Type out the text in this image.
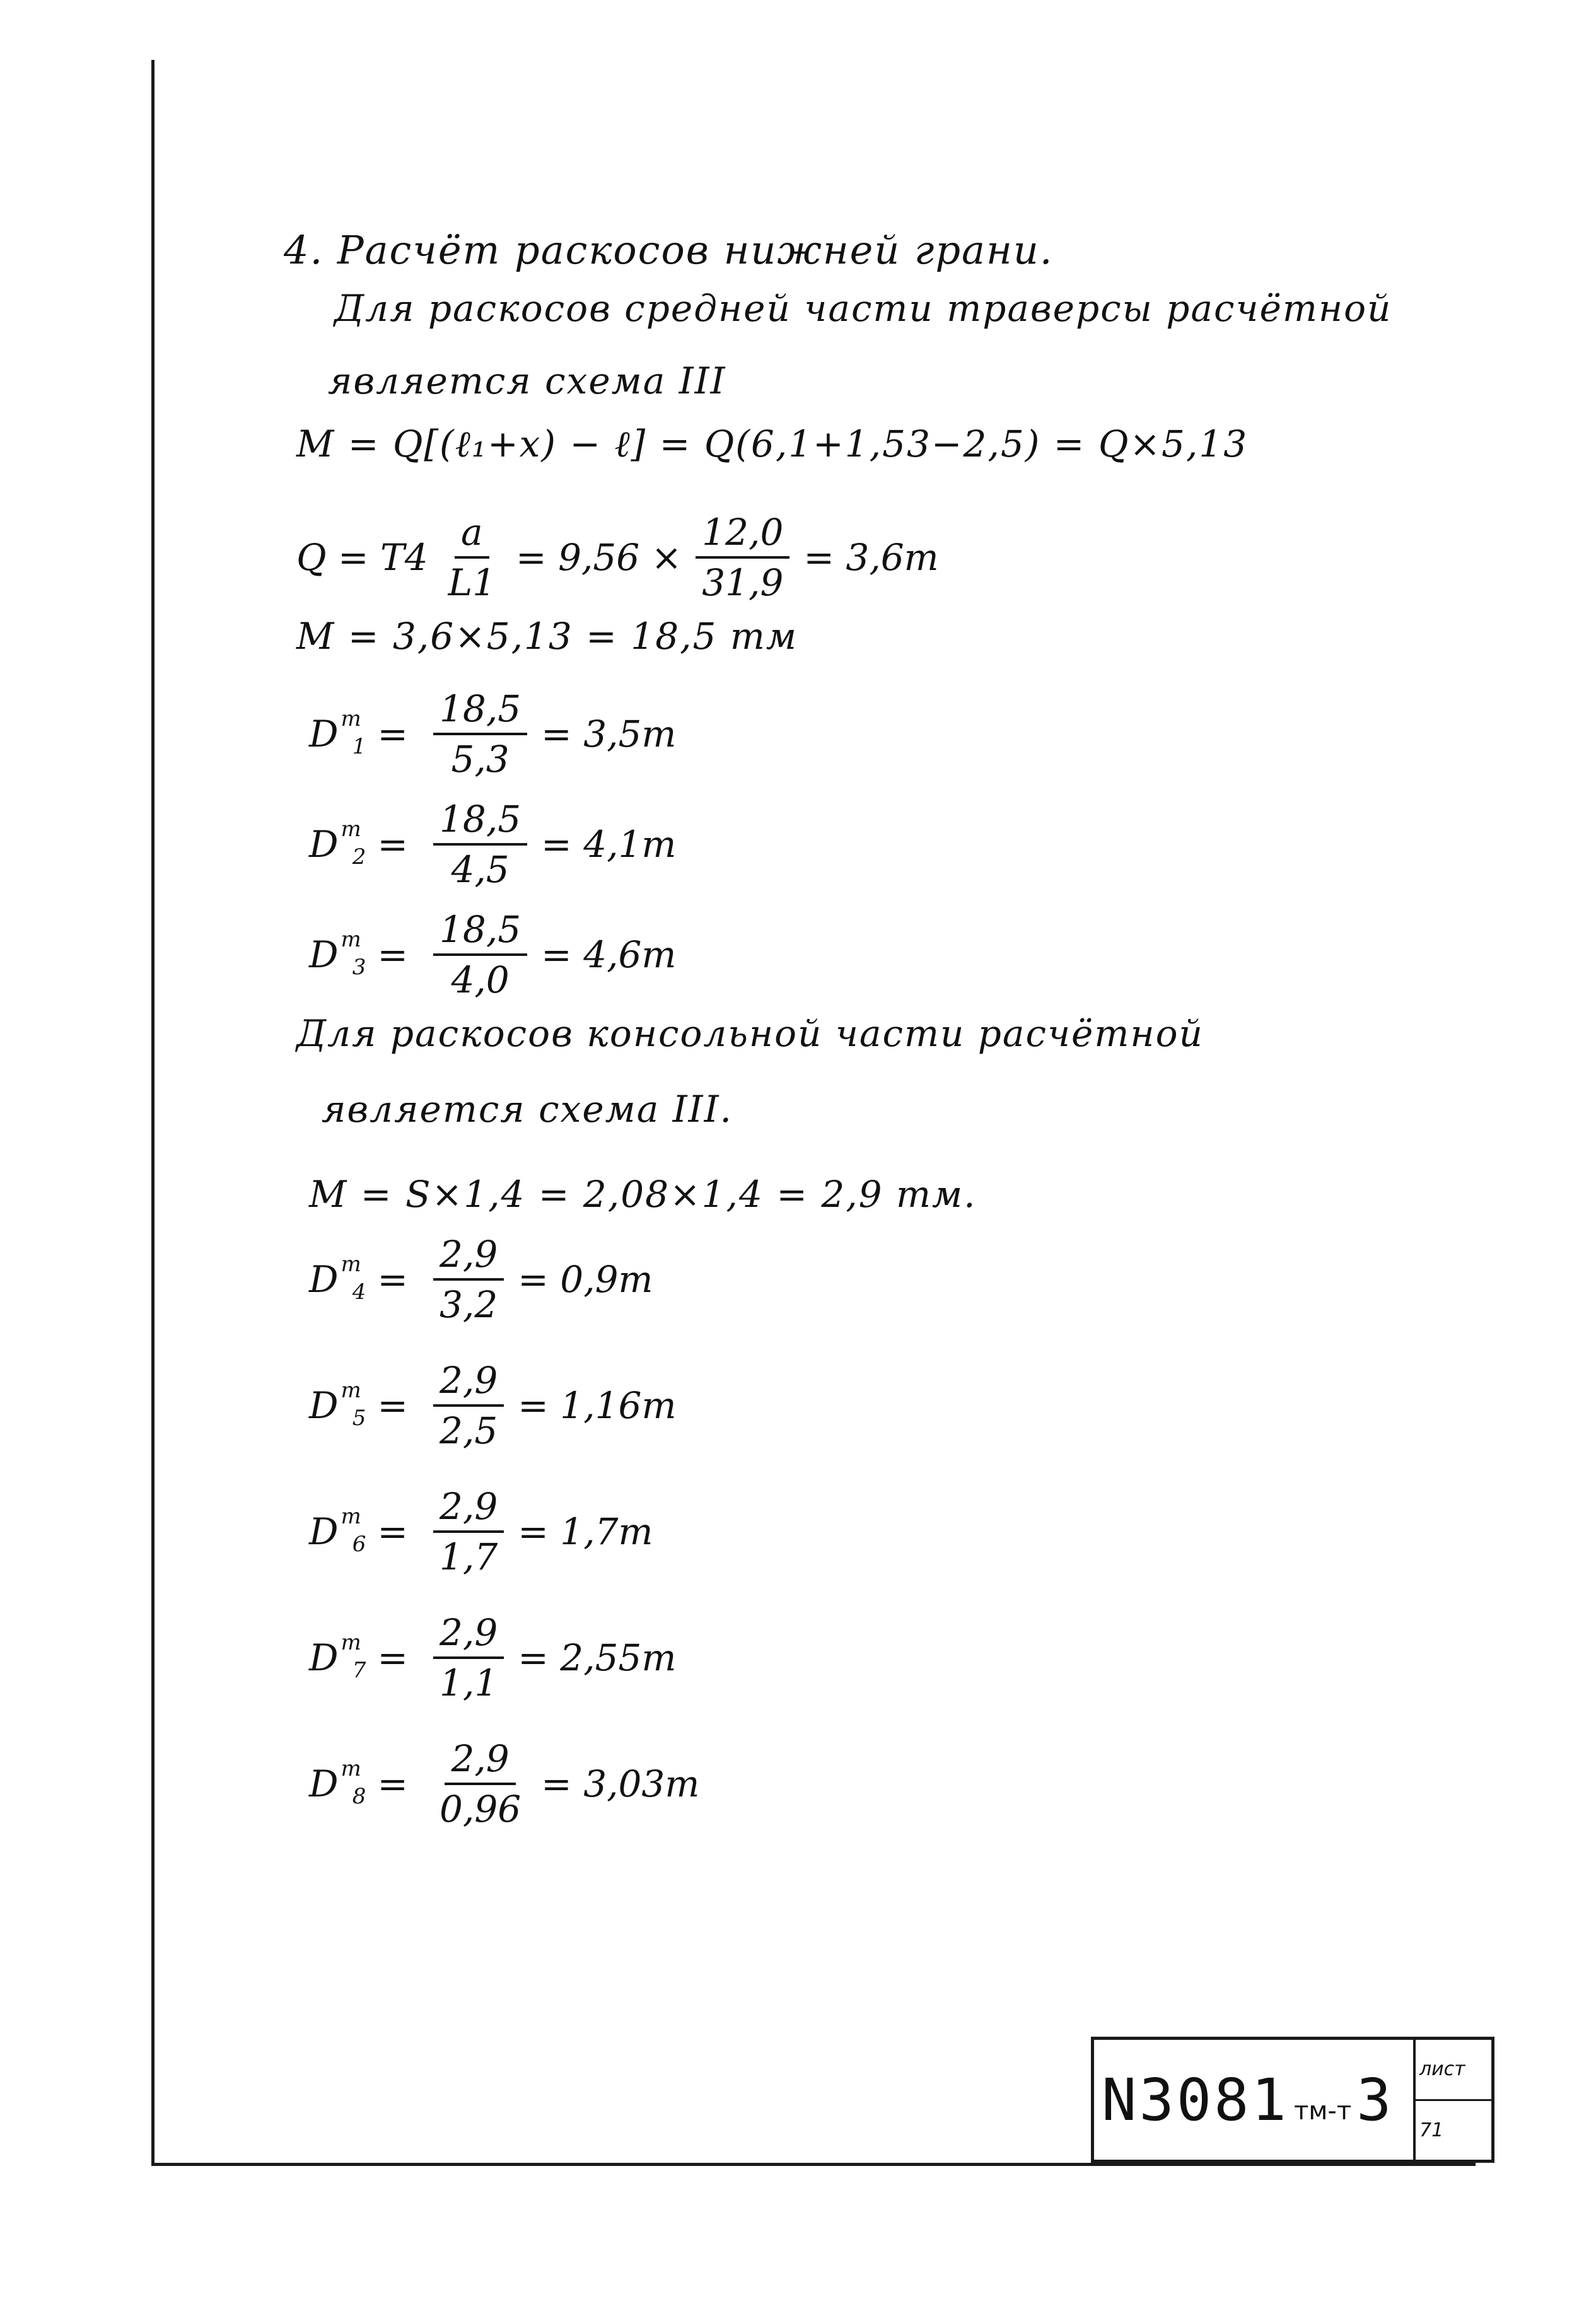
4. Расчёт раскосов нижней грани.
Для раскосов средней части траверсы расчётной
является схема III
M = Q[(ℓ₁+x) − ℓ] = Q(6,1+1,53−2,5) = Q×5,13
$Q = T4 \frac{a}{L1} = 9,56 \times \frac{12,0}{31,9} = 3,6т$
M = 3,6×5,13 = 18,5 тм
$D^т$
$_1 = \frac{18,5}{5,3} = 3,5т$
$D^т$
$_2 = \frac{18,5}{4,5} = 4,1т$
$D^т$
$_3 = \frac{18,5}{4,0} = 4,6т$
Для раскосов консольной части расчётной
является схема III.
M = S×1,4 = 2,08×1,4 = 2,9 тм.
$D^т$
$_4 = \frac{2,9}{3,2} = 0,9т$
$D^т$
$_5 = \frac{2,9}{2,5} = 1,16т$
$D^т$
$_6 = \frac{2,9}{1,7} = 1,7т$
$D^т$
$_7 = \frac{2,9}{1,1} = 2,55т$
$D^т$
$_8 = \frac{2,9}{0,96} = 3,03т$
N3081 тм-т 3 лист
71
